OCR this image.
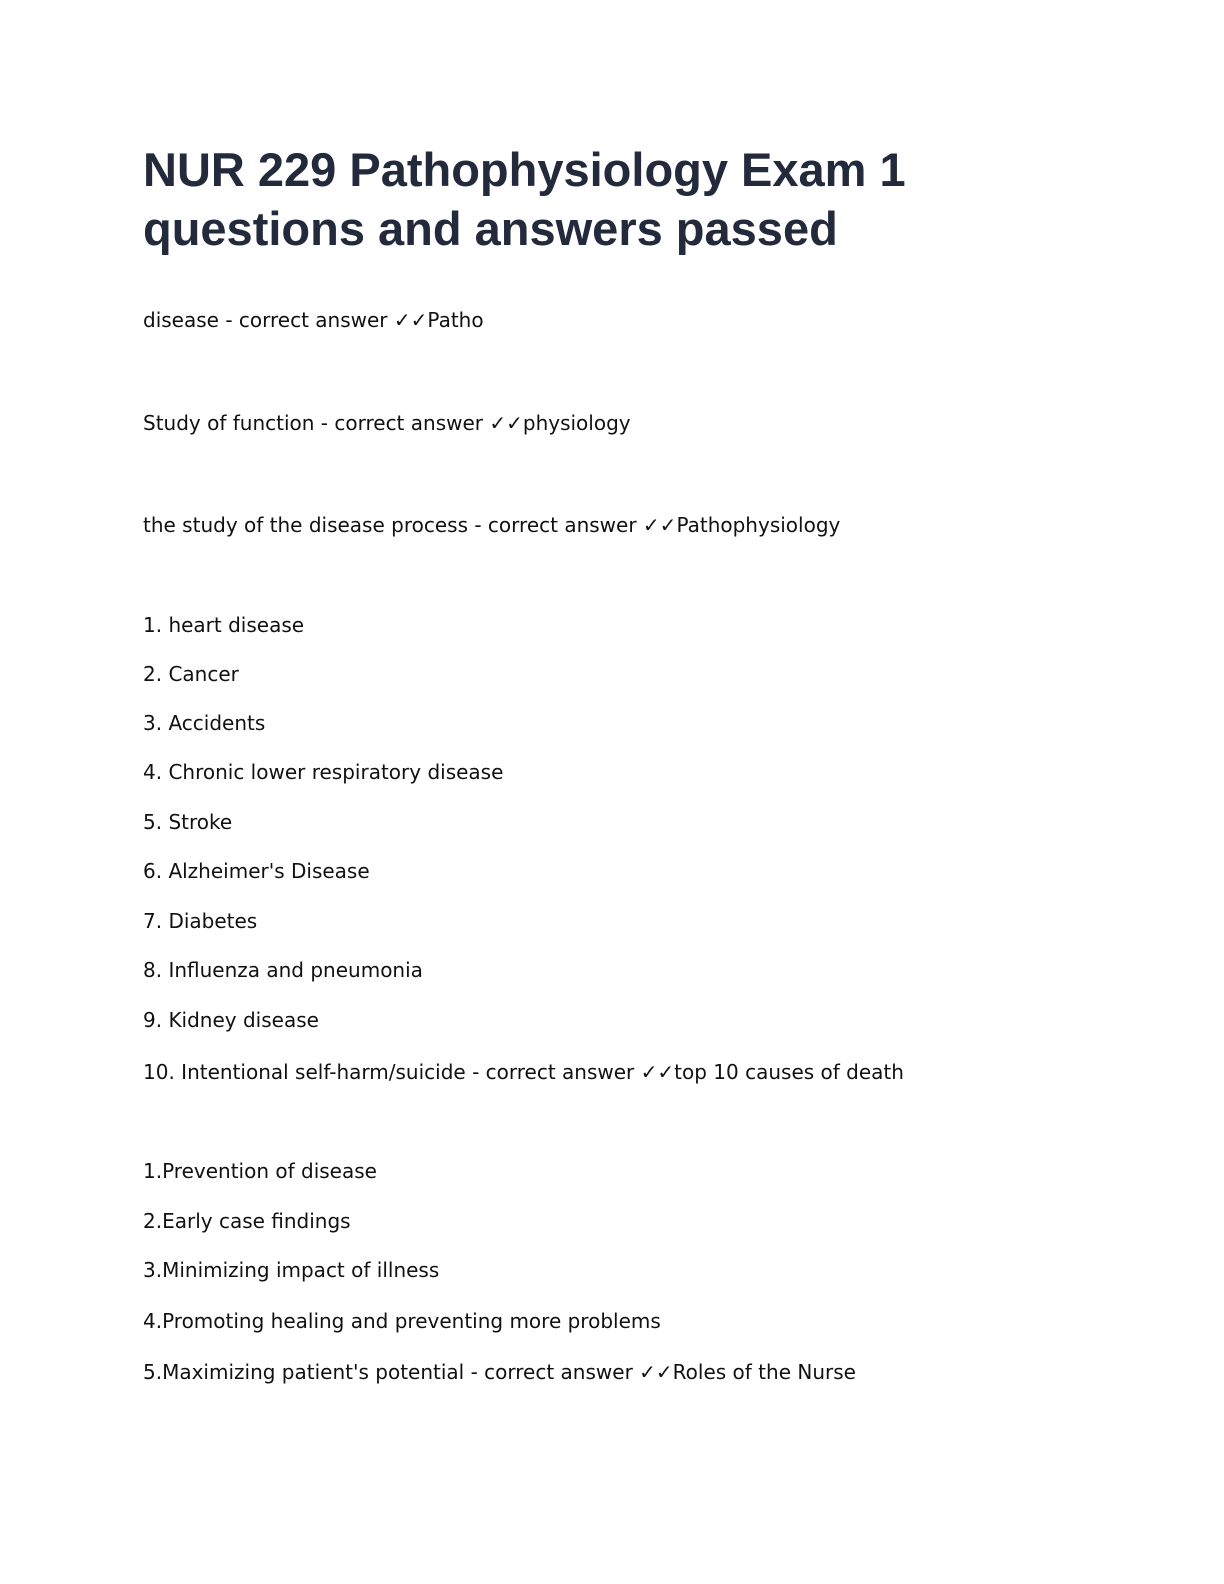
NUR 229 Pathophysiology Exam 1
questions and answers passed

disease - correct answer ✓✓Patho

Study of function - correct answer ✓✓physiology

the study of the disease process - correct answer ✓✓Pathophysiology

1. heart disease

2. Cancer

3. Accidents

4. Chronic lower respiratory disease

5. Stroke

6. Alzheimer's Disease

7. Diabetes

8. Influenza and pneumonia

9. Kidney disease

10. Intentional self-harm/suicide - correct answer ✓✓top 10 causes of death

1.Prevention of disease

2.Early case findings

3.Minimizing impact of illness

4.Promoting healing and preventing more problems

5.Maximizing patient's potential - correct answer ✓✓Roles of the Nurse
